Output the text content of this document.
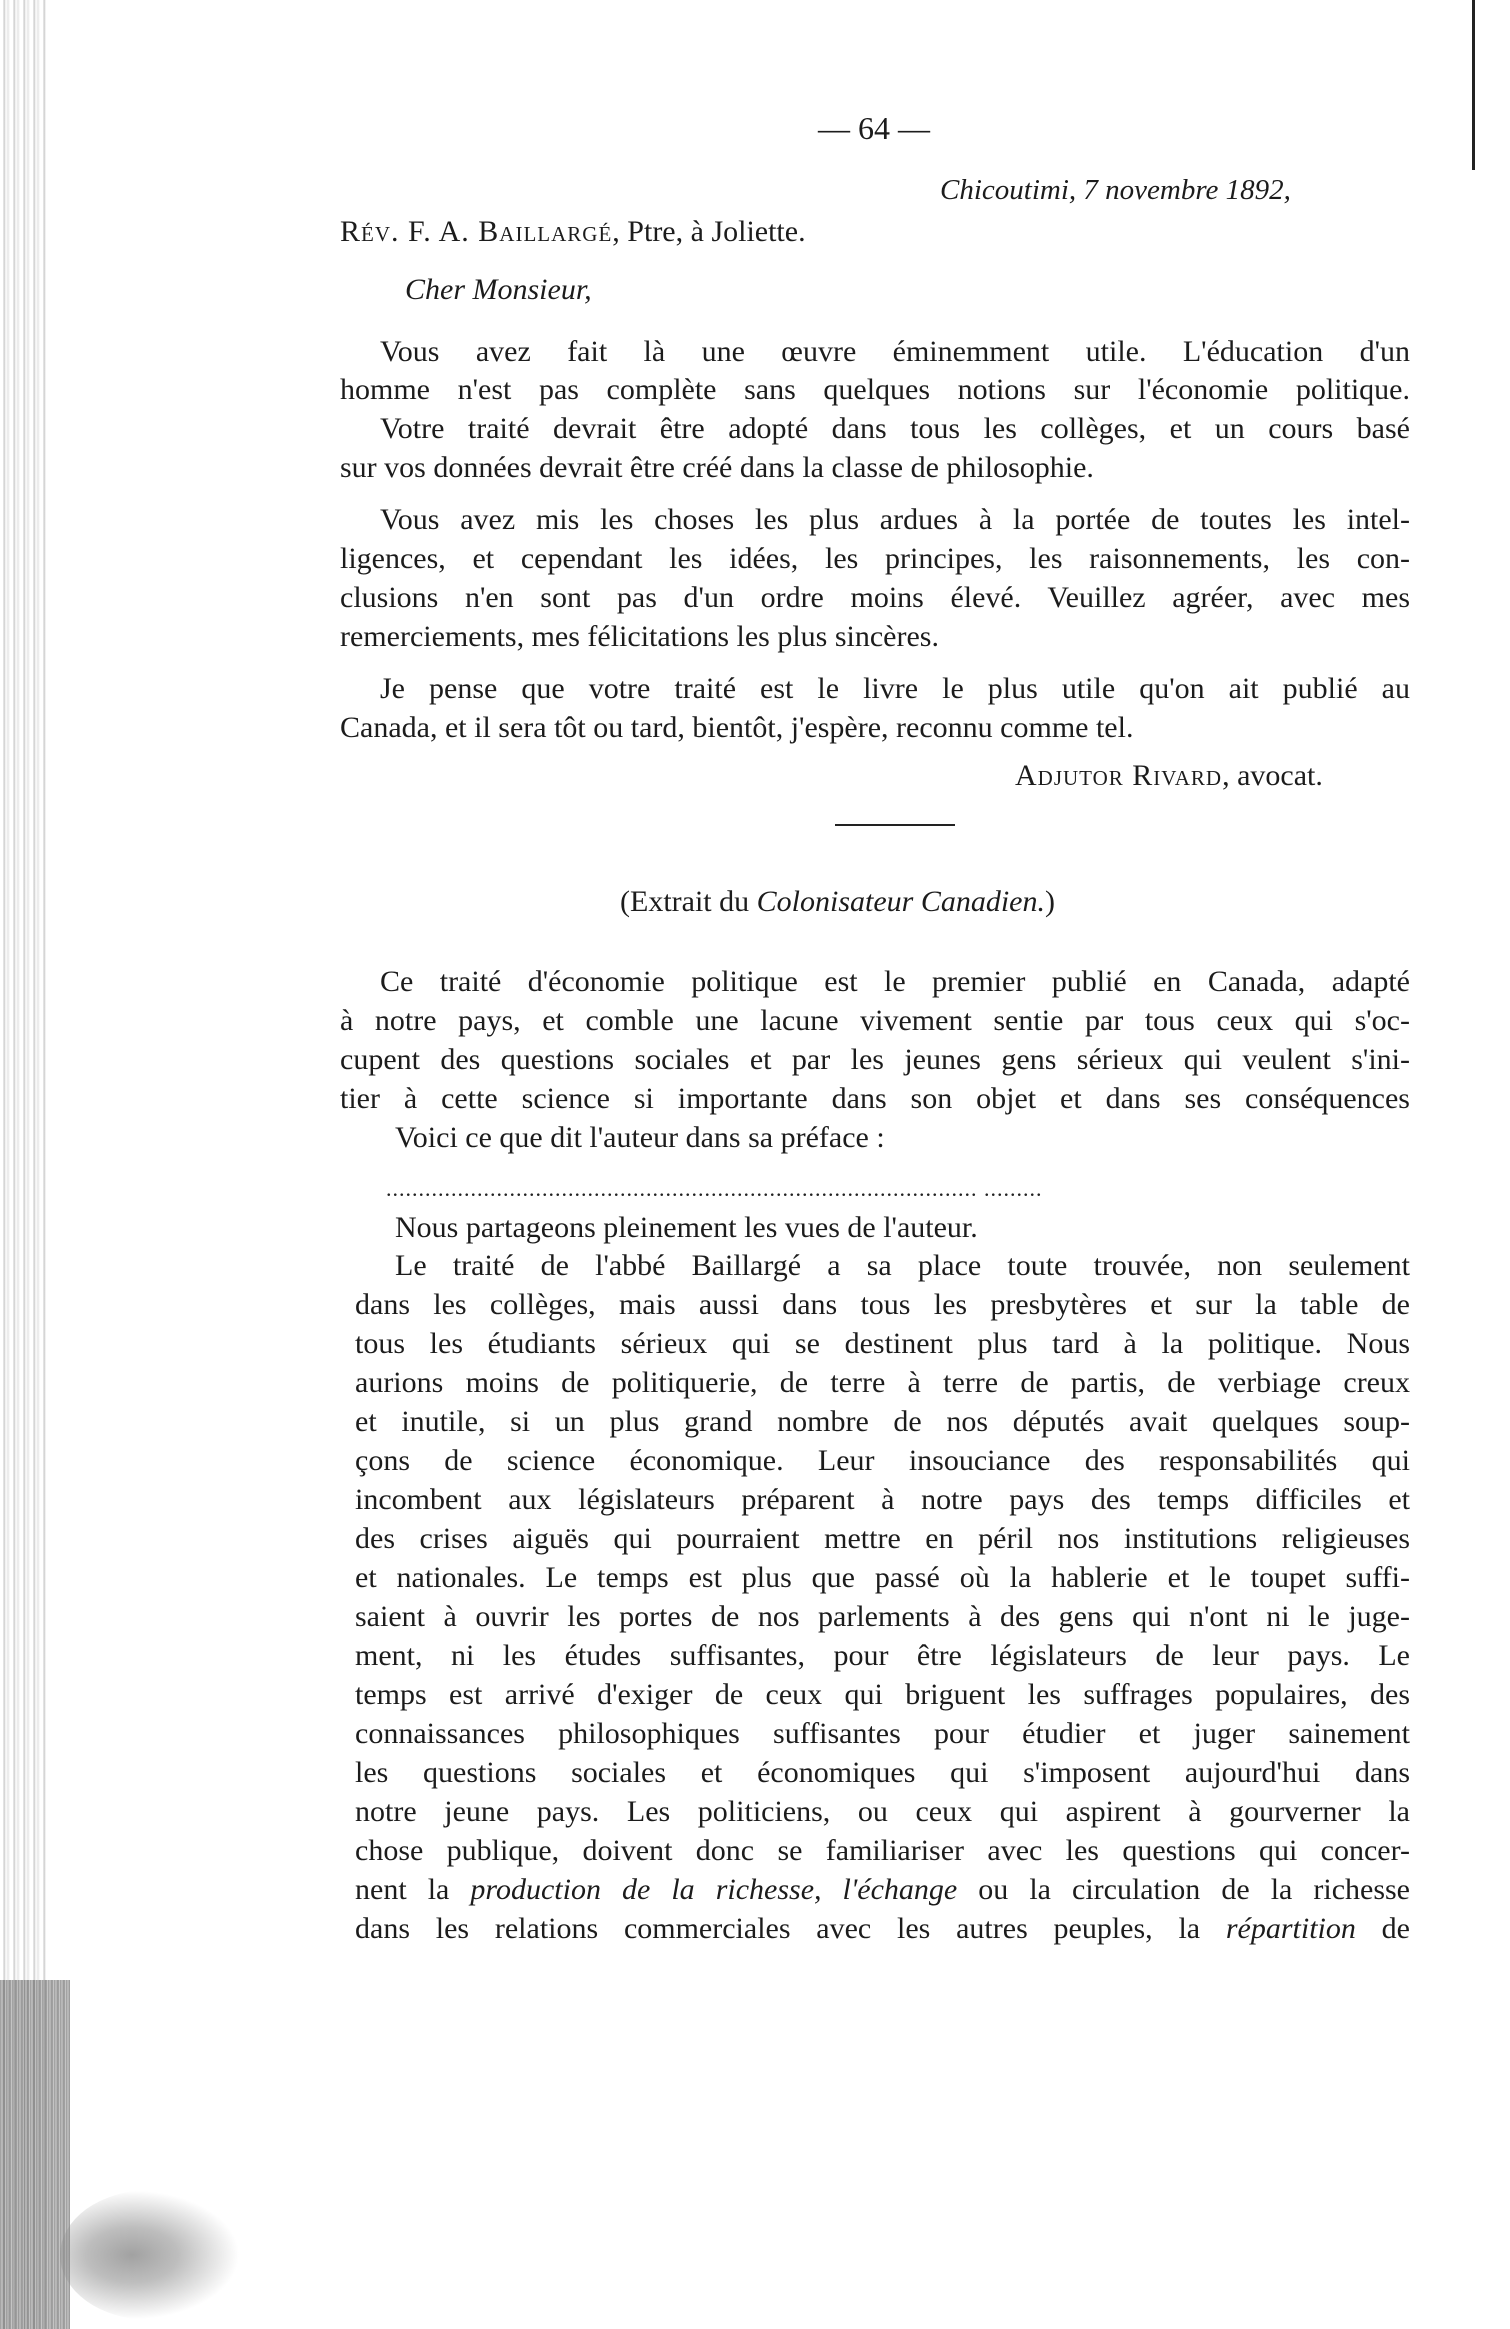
— 64 —
Chicoutimi, 7 novembre 1892,
Rév. F. A. Baillargé, Ptre, à Joliette.
Cher Monsieur,
Vous avez fait là une œuvre éminemment utile. L'éducation d'un
homme n'est pas complète sans quelques notions sur l'économie politique.
Votre traité devrait être adopté dans tous les collèges, et un cours basé
sur vos données devrait être créé dans la classe de philosophie.
Vous avez mis les choses les plus ardues à la portée de toutes les intel-
ligences, et cependant les idées, les principes, les raisonnements, les con-
clusions n'en sont pas d'un ordre moins élevé. Veuillez agréer, avec mes
remerciements, mes félicitations les plus sincères.
Je pense que votre traité est le livre le plus utile qu'on ait publié au
Canada, et il sera tôt ou tard, bientôt, j'espère, reconnu comme tel.
Adjutor Rivard, avocat.
(Extrait du Colonisateur Canadien.)
Ce traité d'économie politique est le premier publié en Canada, adapté
à notre pays, et comble une lacune vivement sentie par tous ceux qui s'oc-
cupent des questions sociales et par les jeunes gens sérieux qui veulent s'ini-
tier à cette science si importante dans son objet et dans ses conséquences
Voici ce que dit l'auteur dans sa préface :
........................................................................................... .........
Nous partageons pleinement les vues de l'auteur.
Le traité de l'abbé Baillargé a sa place toute trouvée, non seulement
dans les collèges, mais aussi dans tous les presbytères et sur la table de
tous les étudiants sérieux qui se destinent plus tard à la politique. Nous
aurions moins de politiquerie, de terre à terre de partis, de verbiage creux
et inutile, si un plus grand nombre de nos députés avait quelques soup-
çons de science économique. Leur insouciance des responsabilités qui
incombent aux législateurs préparent à notre pays des temps difficiles et
des crises aiguës qui pourraient mettre en péril nos institutions religieuses
et nationales. Le temps est plus que passé où la hablerie et le toupet suffi-
saient à ouvrir les portes de nos parlements à des gens qui n'ont ni le juge-
ment, ni les études suffisantes, pour être législateurs de leur pays. Le
temps est arrivé d'exiger de ceux qui briguent les suffrages populaires, des
connaissances philosophiques suffisantes pour étudier et juger sainement
les questions sociales et économiques qui s'imposent aujourd'hui dans
notre jeune pays. Les politiciens, ou ceux qui aspirent à gourverner la
chose publique, doivent donc se familiariser avec les questions qui concer-
nent la production de la richesse, l'échange ou la circulation de la richesse
dans les relations commerciales avec les autres peuples, la répartition de
